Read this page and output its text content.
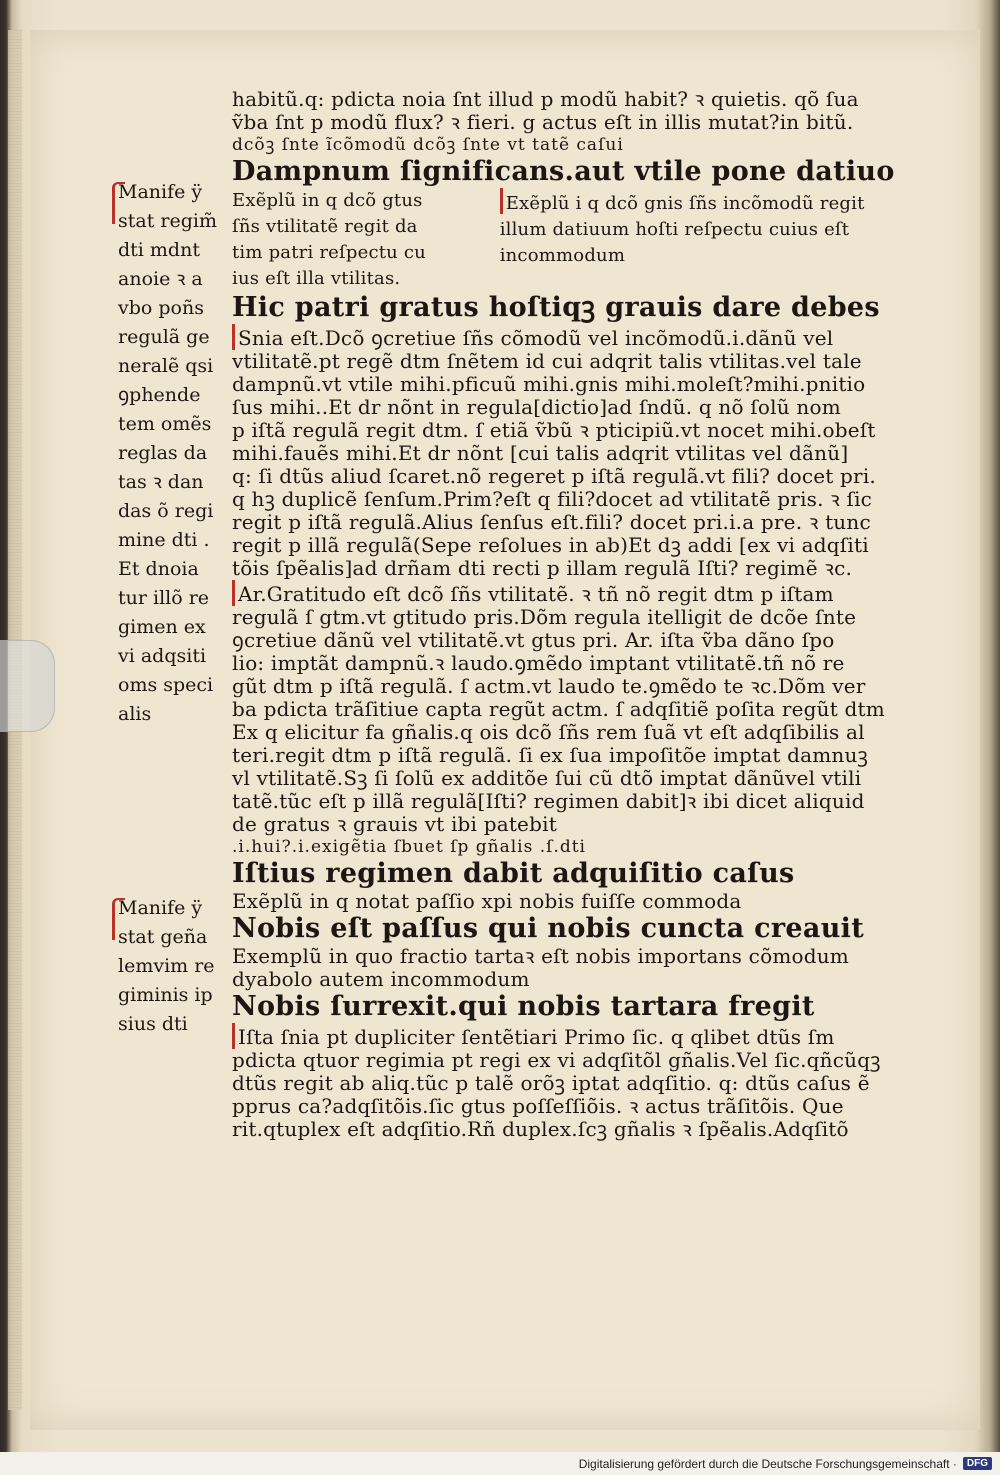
Manife ÿ
stat regim̃
dti mdnt
anoie ꝛ a
vbo poñs
regulã ge
neralẽ qsi
ꝯphende
tem omẽs
reglas da
tas ꝛ dan
das õ regi
mine dti .
Et dnoia
tur illõ re
gimen ex
vi adqsiti
oms speci
alis
Manife ÿ
stat geña
lemvim re
giminis ip
sius dti
habitũ.q: pdicta noia ſnt illud p modũ habit? ꝛ quietis. qõ ſua
ṽba ſnt p modũ flux? ꝛ fieri. g actus eſt in illis mutat?in bitũ.
dcõꝫ ſnte ĩcõmodũ dcõꝫ ſnte vt tatẽ caſui
Dampnum ſignificans.aut vtile pone datiuo
Exẽplũ in q dcõ gtus
ſñs vtilitatẽ regit da
tim patri reſpectu cu
ius eſt illa vtilitas.
Exẽplũ i q dcõ gnis ſñs incõmodũ regit
illum datiuum hoſti reſpectu cuius eſt
incommodum
Hic patri gratus hoſtiqꝫ grauis dare debes
Snia eſt.Dcõ ꝯcretiue ſñs cõmodũ vel incõmodũ.i.dãnũ vel
vtilitatẽ.pt regẽ dtm ſnẽtem id cui adqrit talis vtilitas.vel tale
dampnũ.vt vtile mihi.pficuũ mihi.gnis mihi.moleſt?mihi.pnitio
ſus mihi..Et dr nõnt in regula[dictio]ad ſndũ. q nõ ſolũ nom
p iſtã regulã regit dtm. ſ etiã ṽbũ ꝛ pticipiũ.vt nocet mihi.obeſt
mihi.fauẽs mihi.Et dr nõnt [cui talis adqrit vtilitas vel dãnũ]
q: ſi dtũs aliud ſcaret.nõ regeret p iſtã regulã.vt fili? docet pri.
q hꝫ duplicẽ ſenſum.Prim?eſt q fili?docet ad vtilitatẽ pris. ꝛ ſic
regit p iſtã regulã.Alius ſenſus eſt.fili? docet pri.i.a pre. ꝛ tunc
regit p illã regulã(Sepe reſolues in ab)Et dꝫ addi [ex vi adqſiti
tõis ſpẽalis]ad drñam dti recti p illam regulã Iſti? regimẽ ꝛc.
Ar.Gratitudo eſt dcõ ſñs vtilitatẽ. ꝛ tñ nõ regit dtm p iſtam
regulã ſ gtm.vt gtitudo pris.Dõm regula itelligit de dcõe ſnte
ꝯcretiue dãnũ vel vtilitatẽ.vt gtus pri. Ar. iſta ṽba dãno ſpo
lio: imptãt dampnũ.ꝛ laudo.ꝯmẽdo imptant vtilitatẽ.tñ nõ re
gũt dtm p iſtã regulã. ſ actm.vt laudo te.ꝯmẽdo te ꝛc.Dõm ver
ba pdicta trãſitiue capta regũt actm. ſ adqſitiẽ poſita regũt dtm
Ex q elicitur fa gñalis.q ois dcõ ſñs rem ſuã vt eſt adqſibilis al
teri.regit dtm p iſtã regulã. ſi ex ſua impoſitõe imptat damnuꝫ
vl vtilitatẽ.Sꝫ ſi ſolũ ex additõe ſui cũ dtõ imptat dãnũvel vtili
tatẽ.tũc eſt p illã regulã[Iſti? regimen dabit]ꝛ ibi dicet aliquid
de gratus ꝛ grauis vt ibi patebit
.i.hui?.i.exigẽtia ſbuet ſp gñalis .ſ.dti
Iſtius regimen dabit adquiſitio caſus
Exẽplũ in q notat paſſio xpi nobis fuiſſe commoda
Nobis eſt paſſus qui nobis cuncta creauit
Exemplũ in quo fractio tartaꝛ eſt nobis importans cõmodum
dyabolo autem incommodum
Nobis ſurrexit.qui nobis tartara fregit
Iſta ſnia pt dupliciter ſentẽtiari Primo ſic. q qlibet dtũs ſm
pdicta qtuor regimia pt regi ex vi adqſitõl gñalis.Vel ſic.qñcũqꝫ
dtũs regit ab aliq.tũc p talẽ orõꝫ iptat adqſitio. q: dtũs caſus ẽ
pprus ca?adqſitõis.ſic gtus poſſeſſiõis. ꝛ actus trãſitõis. Que
rit.qtuplex eſt adqſitio.Rñ duplex.ſcꝫ gñalis ꝛ ſpẽalis.Adqſitõ
Digitalisierung gefördert durch die Deutsche Forschungsgemeinschaft ·	DFG
